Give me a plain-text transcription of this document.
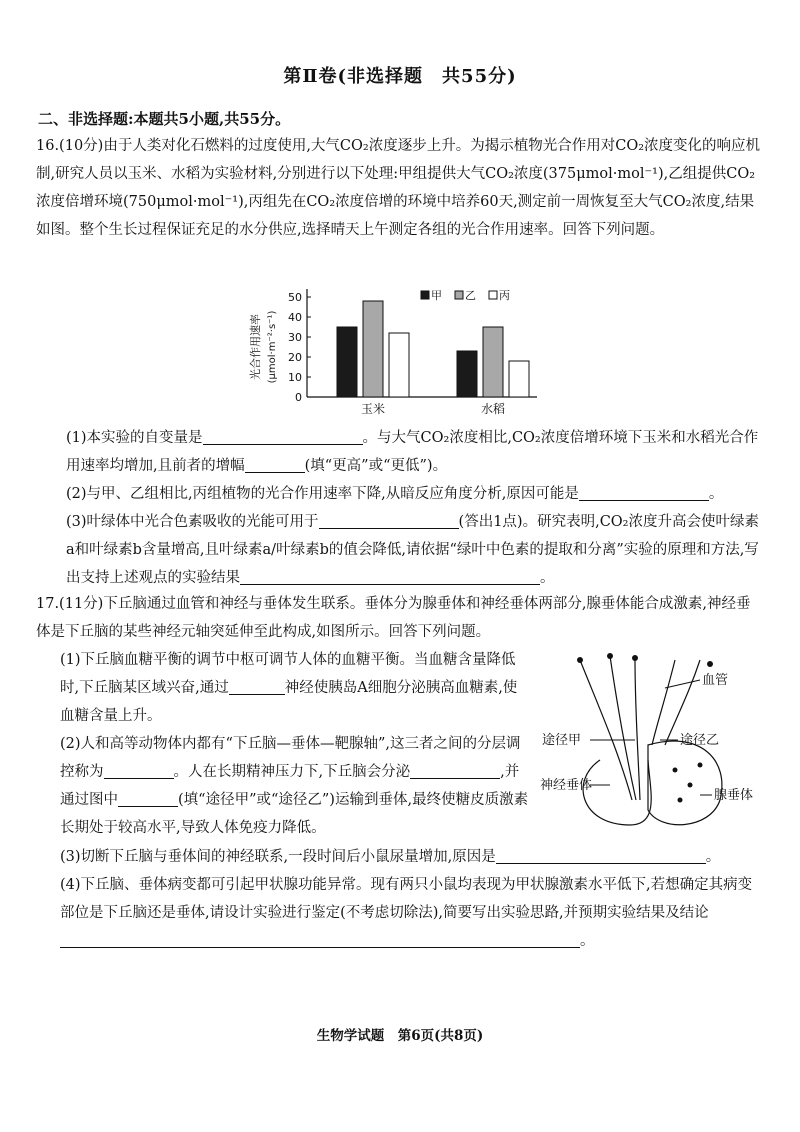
第Ⅱ卷(非选择题　共55分)
二、非选择题:本题共5小题,共55分。
16.(10分)由于人类对化石燃料的过度使用,大气CO₂浓度逐步上升。为揭示植物光合作用对CO₂浓度变化的响应机制,研究人员以玉米、水稻为实验材料,分别进行以下处理:甲组提供大气CO₂浓度(375μmol·mol⁻¹),乙组提供CO₂浓度倍增环境(750μmol·mol⁻¹),丙组先在CO₂浓度倍增的环境中培养60天,测定前一周恢复至大气CO₂浓度,结果如图。整个生长过程保证充足的水分供应,选择晴天上午测定各组的光合作用速率。回答下列问题。
0
10
20
30
40
50
光合作用速率 (μmol·m⁻²·s⁻¹)
玉米	水稻
甲 乙 丙
(1)本实验的自变量是	。与大气CO₂浓度相比,CO₂浓度倍增环境下玉米和水稻光合作用速率均增加,且前者的增幅	(填“更高”或“更低”)。
(2)与甲、乙组相比,丙组植物的光合作用速率下降,从暗反应角度分析,原因可能是	。
(3)叶绿体中光合色素吸收的光能可用于	(答出1点)。研究表明,CO₂浓度升高会使叶绿素a和叶绿素b含量增高,且叶绿素a/叶绿素b的值会降低,请依据“绿叶中色素的提取和分离”实验的原理和方法,写出支持上述观点的实验结果	。
17.(11分)下丘脑通过血管和神经与垂体发生联系。垂体分为腺垂体和神经垂体两部分,腺垂体能合成激素,神经垂体是下丘脑的某些神经元轴突延伸至此构成,如图所示。回答下列问题。
(1)下丘脑血糖平衡的调节中枢可调节人体的血糖平衡。当血糖含量降低时,下丘脑某区域兴奋,通过	神经使胰岛A细胞分泌胰高血糖素,使血糖含量上升。
(2)人和高等动物体内都有“下丘脑—垂体—靶腺轴”,这三者之间的分层调控称为	。人在长期精神压力下,下丘脑会分泌	,并通过图中	(填“途径甲”或“途径乙”)运输到垂体,最终使糖皮质激素长期处于较高水平,导致人体免疫力降低。
血管
途径甲	途径乙
神经垂体
腺垂体
(3)切断下丘脑与垂体间的神经联系,一段时间后小鼠尿量增加,原因是	。
(4)下丘脑、垂体病变都可引起甲状腺功能异常。现有两只小鼠均表现为甲状腺激素水平低下,若想确定其病变部位是下丘脑还是垂体,请设计实验进行鉴定(不考虑切除法),简要写出实验思路,并预期实验结果及结论。
生物学试题　第6页(共8页)
